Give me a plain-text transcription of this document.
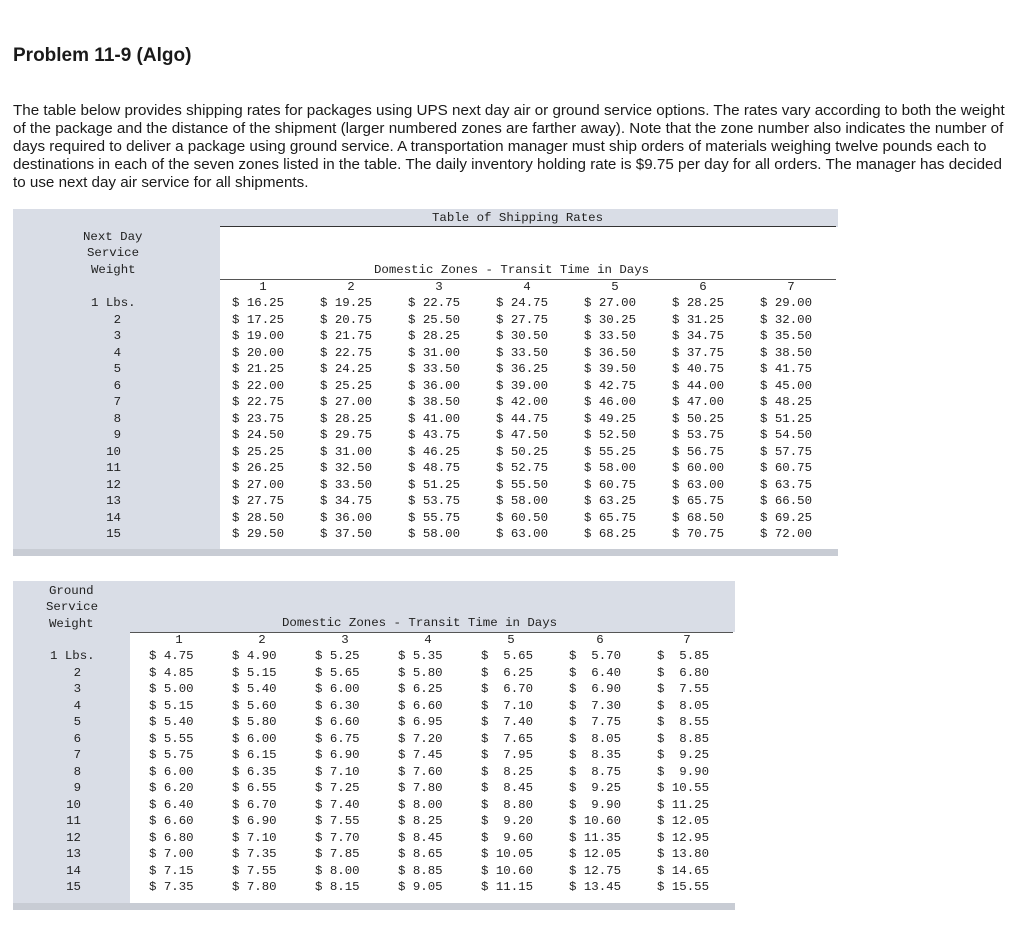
Problem 11-9 (Algo)
The table below provides shipping rates for packages using UPS next day air or ground service options. The rates vary according to both the weight of the package and the distance of the shipment (larger numbered zones are farther away). Note that the zone number also indicates the number of days required to deliver a package using ground service. A transportation manager must ship orders of materials weighing twelve pounds each to destinations in each of the seven zones listed in the table. The daily inventory holding rate is $9.75 per day for all orders. The manager has decided to use next day air service for all shipments.
Table of Shipping Rates
Next Day
Service
Weight	Domestic Zones - Transit Time in Days
1	2	3	4	5	6	7
1 Lbs.	$ 16.25	$ 19.25	$ 22.75	$ 24.75	$ 27.00	$ 28.25	$ 29.00
2	$ 17.25	$ 20.75	$ 25.50	$ 27.75	$ 30.25	$ 31.25	$ 32.00
3	$ 19.00	$ 21.75	$ 28.25	$ 30.50	$ 33.50	$ 34.75	$ 35.50
4	$ 20.00	$ 22.75	$ 31.00	$ 33.50	$ 36.50	$ 37.75	$ 38.50
5	$ 21.25	$ 24.25	$ 33.50	$ 36.25	$ 39.50	$ 40.75	$ 41.75
6	$ 22.00	$ 25.25	$ 36.00	$ 39.00	$ 42.75	$ 44.00	$ 45.00
7	$ 22.75	$ 27.00	$ 38.50	$ 42.00	$ 46.00	$ 47.00	$ 48.25
8	$ 23.75	$ 28.25	$ 41.00	$ 44.75	$ 49.25	$ 50.25	$ 51.25
9	$ 24.50	$ 29.75	$ 43.75	$ 47.50	$ 52.50	$ 53.75	$ 54.50
10	$ 25.25	$ 31.00	$ 46.25	$ 50.25	$ 55.25	$ 56.75	$ 57.75
11	$ 26.25	$ 32.50	$ 48.75	$ 52.75	$ 58.00	$ 60.00	$ 60.75
12	$ 27.00	$ 33.50	$ 51.25	$ 55.50	$ 60.75	$ 63.00	$ 63.75
13	$ 27.75	$ 34.75	$ 53.75	$ 58.00	$ 63.25	$ 65.75	$ 66.50
14	$ 28.50	$ 36.00	$ 55.75	$ 60.50	$ 65.75	$ 68.50	$ 69.25
15	$ 29.50	$ 37.50	$ 58.00	$ 63.00	$ 68.25	$ 70.75	$ 72.00
Ground
Service
Weight	Domestic Zones - Transit Time in Days
1	2	3	4	5	6	7
1 Lbs.	$ 4.75	$ 4.90	$ 5.25	$ 5.35	$  5.65	$  5.70	$  5.85
2	$ 4.85	$ 5.15	$ 5.65	$ 5.80	$  6.25	$  6.40	$  6.80
3	$ 5.00	$ 5.40	$ 6.00	$ 6.25	$  6.70	$  6.90	$  7.55
4	$ 5.15	$ 5.60	$ 6.30	$ 6.60	$  7.10	$  7.30	$  8.05
5	$ 5.40	$ 5.80	$ 6.60	$ 6.95	$  7.40	$  7.75	$  8.55
6	$ 5.55	$ 6.00	$ 6.75	$ 7.20	$  7.65	$  8.05	$  8.85
7	$ 5.75	$ 6.15	$ 6.90	$ 7.45	$  7.95	$  8.35	$  9.25
8	$ 6.00	$ 6.35	$ 7.10	$ 7.60	$  8.25	$  8.75	$  9.90
9	$ 6.20	$ 6.55	$ 7.25	$ 7.80	$  8.45	$  9.25	$ 10.55
10	$ 6.40	$ 6.70	$ 7.40	$ 8.00	$  8.80	$  9.90	$ 11.25
11	$ 6.60	$ 6.90	$ 7.55	$ 8.25	$  9.20	$ 10.60	$ 12.05
12	$ 6.80	$ 7.10	$ 7.70	$ 8.45	$  9.60	$ 11.35	$ 12.95
13	$ 7.00	$ 7.35	$ 7.85	$ 8.65	$ 10.05	$ 12.05	$ 13.80
14	$ 7.15	$ 7.55	$ 8.00	$ 8.85	$ 10.60	$ 12.75	$ 14.65
15	$ 7.35	$ 7.80	$ 8.15	$ 9.05	$ 11.15	$ 13.45	$ 15.55
